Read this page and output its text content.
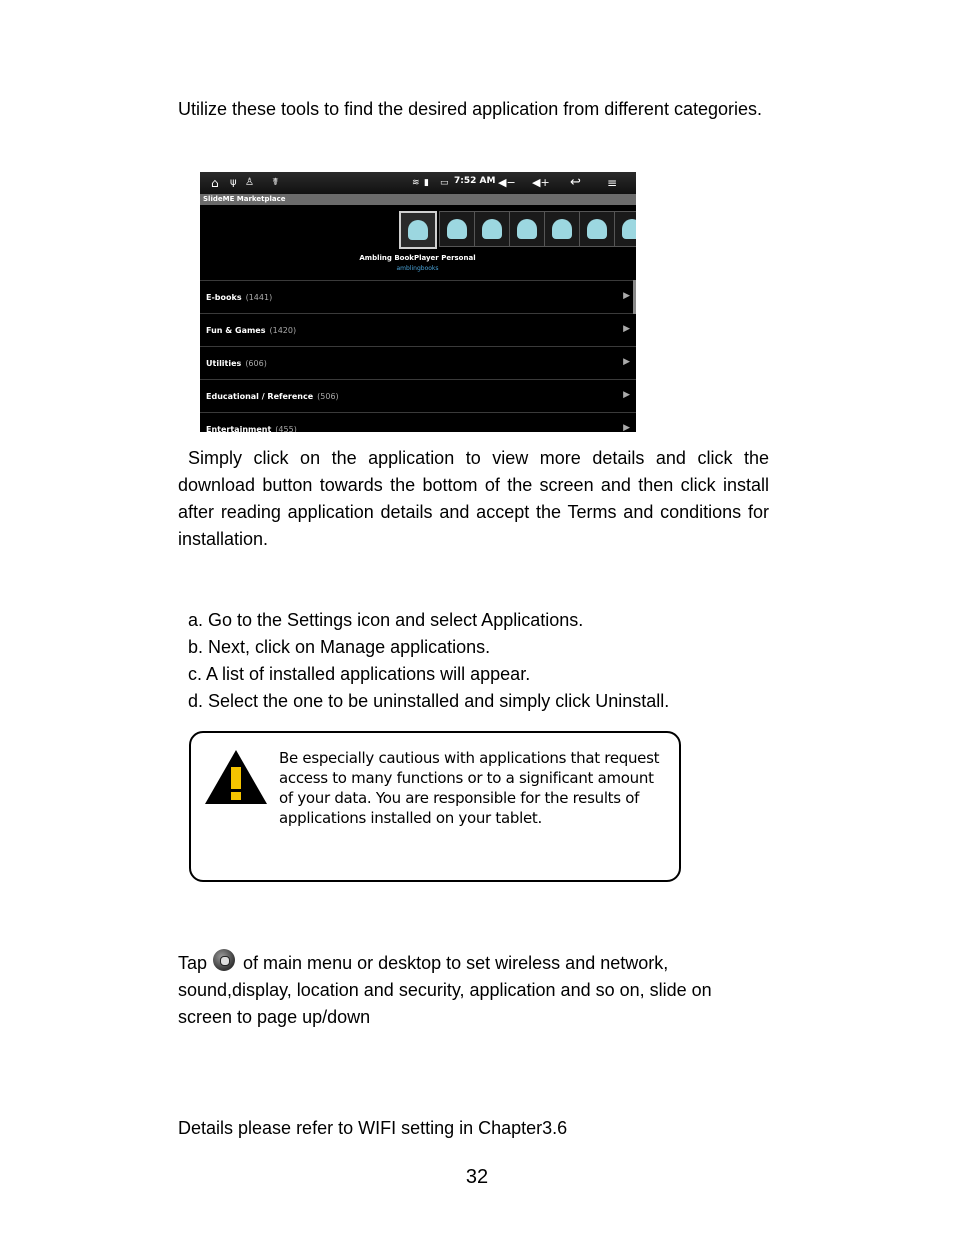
Utilize these tools to find the desired application from different categories.

⌂ ψ ♙ ☤	≋ ▮ ▭ 7:52 AM ◀− ◀+ ↩ ≡
SlideME Marketplace
Ambling BookPlayer Personal
amblingbooks
E-books (1441)	▶
Fun & Games (1420)	▶
Utilities (606)	▶
Educational / Reference (506)	▶
Entertainment (455)	▶

Simply click on the application to view more details and click the download button towards the bottom of the screen and then click install after reading application details and accept the Terms and conditions for installation.

a. Go to the Settings icon and select Applications.
b. Next, click on Manage applications.
c. A list of installed applications will appear.
d. Select the one to be uninstalled and simply click Uninstall.

Be especially cautious with applications that request access to many functions or to a significant amount of your data. You are responsible for the results of applications installed on your tablet.

Tap of main menu or desktop to set wireless and network, sound,display, location and security, application and so on, slide on screen to page up/down

Details please refer to WIFI setting in Chapter3.6

32
